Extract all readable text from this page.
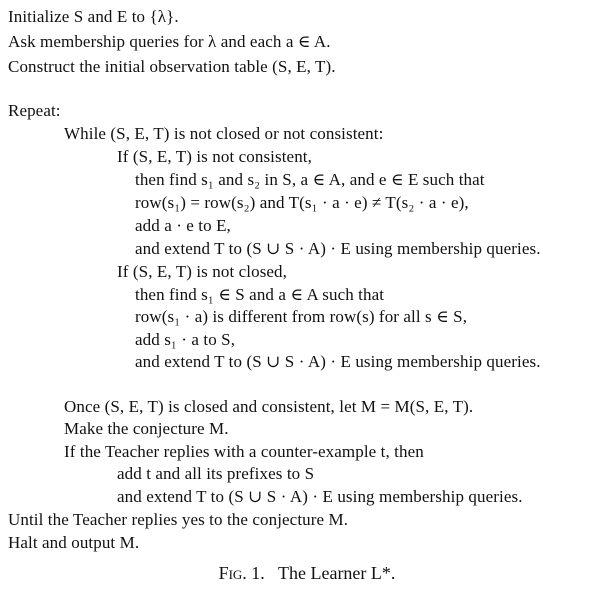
Initialize S and E to {λ}.
Ask membership queries for λ and each a ∈ A.
Construct the initial observation table (S, E, T).
Repeat:
While (S, E, T) is not closed or not consistent:
If (S, E, T) is not consistent,
then find s₁ and s₂ in S, a ∈ A, and e ∈ E such that
row(s₁) = row(s₂) and T(s₁ · a · e) ≠ T(s₂ · a · e),
add a · e to E,
and extend T to (S ∪ S · A) · E using membership queries.
If (S, E, T) is not closed,
then find s₁ ∈ S and a ∈ A such that
row(s₁ · a) is different from row(s) for all s ∈ S,
add s₁ · a to S,
and extend T to (S ∪ S · A) · E using membership queries.
Once (S, E, T) is closed and consistent, let M = M(S, E, T).
Make the conjecture M.
If the Teacher replies with a counter-example t, then
add t and all its prefixes to S
and extend T to (S ∪ S · A) · E using membership queries.
Until the Teacher replies yes to the conjecture M.
Halt and output M.
Fig. 1. The Learner L*.
